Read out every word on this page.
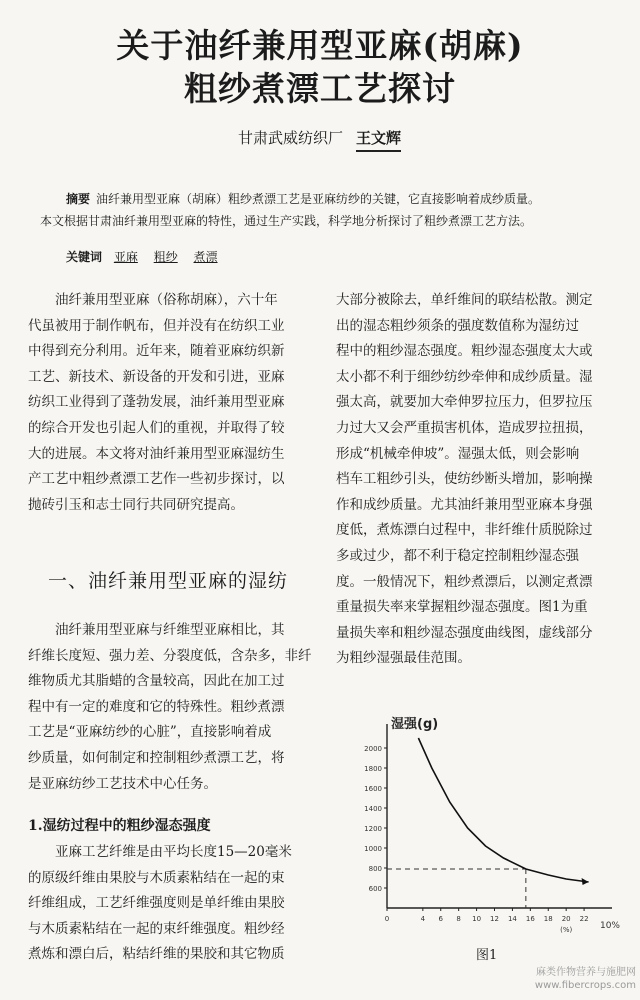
关于油纤兼用型亚麻(胡麻)
粗纱煮漂工艺探讨
甘肃武威纺织厂 王文辉
摘要 油纤兼用型亚麻（胡麻）粗纱煮漂工艺是亚麻纺纱的关键，它直接影响着成纱质量。
本文根据甘肃油纤兼用型亚麻的特性，通过生产实践，科学地分析探讨了粗纱煮漂工艺方法。
关键词 亚麻 粗纱 煮漂
油纤兼用型亚麻（俗称胡麻），六十年
代虽被用于制作帆布，但并没有在纺织工业
中得到充分利用。近年来，随着亚麻纺织新
工艺、新技术、新设备的开发和引进，亚麻
纺织工业得到了蓬勃发展，油纤兼用型亚麻
的综合开发也引起人们的重视，并取得了较
大的进展。本文将对油纤兼用型亚麻湿纺生
产工艺中粗纱煮漂工艺作一些初步探讨，以
抛砖引玉和志士同行共同研究提高。
一、油纤兼用型亚麻的湿纺
油纤兼用型亚麻与纤维型亚麻相比，其
纤维长度短、强力差、分裂度低，含杂多，非纤
维物质尤其脂蜡的含量较高，因此在加工过
程中有一定的难度和它的特殊性。粗纱煮漂
工艺是“亚麻纺纱的心脏”，直接影响着成
纱质量，如何制定和控制粗纱煮漂工艺，将
是亚麻纺纱工艺技术中心任务。
1.湿纺过程中的粗纱湿态强度
亚麻工艺纤维是由平均长度15—20毫米
的原级纤维由果胶与木质素粘结在一起的束
纤维组成，工艺纤维强度则是单纤维由果胶
与木质素粘结在一起的束纤维强度。粗纱经
煮炼和漂白后，粘结纤维的果胶和其它物质
大部分被除去，单纤维间的联结松散。测定
出的湿态粗纱须条的强度数值称为湿纺过
程中的粗纱湿态强度。粗纱湿态强度太大或
太小都不利于细纱纺纱牵伸和成纱质量。湿
强太高，就要加大牵伸罗拉压力，但罗拉压
力过大又会严重损害机体，造成罗拉扭损，
形成“机械牵伸坡”。湿强太低，则会影响
档车工粗纱引头，使纺纱断头增加，影响操
作和成纱质量。尤其油纤兼用型亚麻本身强
度低，煮炼漂白过程中，非纤维什质脱除过
多或过少，都不利于稳定控制粗纱湿态强
度。一般情况下，粗纱煮漂后，以测定煮漂
重量损失率来掌握粗纱湿态强度。图1为重
量损失率和粗纱湿态强度曲线图，虚线部分
为粗纱湿强最佳范围。
湿强(g)
2000
1800
1600
1400
1200
1000
800
600
0	4 6 8 10 12 14 16 18 20 22
(%)	10%
图1
麻类作物营养与施肥网
www.fibercrops.com
